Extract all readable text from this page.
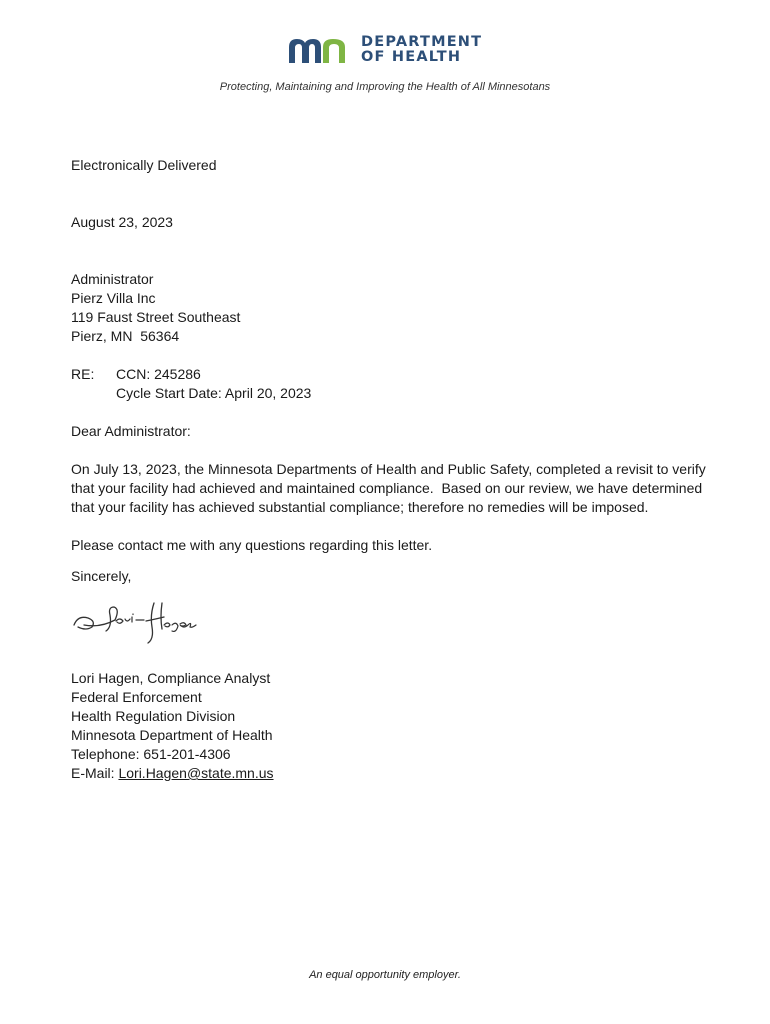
DEPARTMENT
OF HEALTH
Protecting, Maintaining and Improving the Health of All Minnesotans
Electronically Delivered
August 23, 2023
Administrator
Pierz Villa Inc
119 Faust Street Southeast
Pierz, MN  56364
RE: CCN: 245286
Cycle Start Date: April 20, 2023
Dear Administrator:
On July 13, 2023, the Minnesota Departments of Health and Public Safety, completed a revisit to verify
that your facility had achieved and maintained compliance.  Based on our review, we have determined
that your facility has achieved substantial compliance; therefore no remedies will be imposed.
Please contact me with any questions regarding this letter.
Sincerely,
Lori Hagen, Compliance Analyst
Federal Enforcement
Health Regulation Division
Minnesota Department of Health
Telephone: 651-201-4306
E-Mail: Lori.Hagen@state.mn.us
An equal opportunity employer.
